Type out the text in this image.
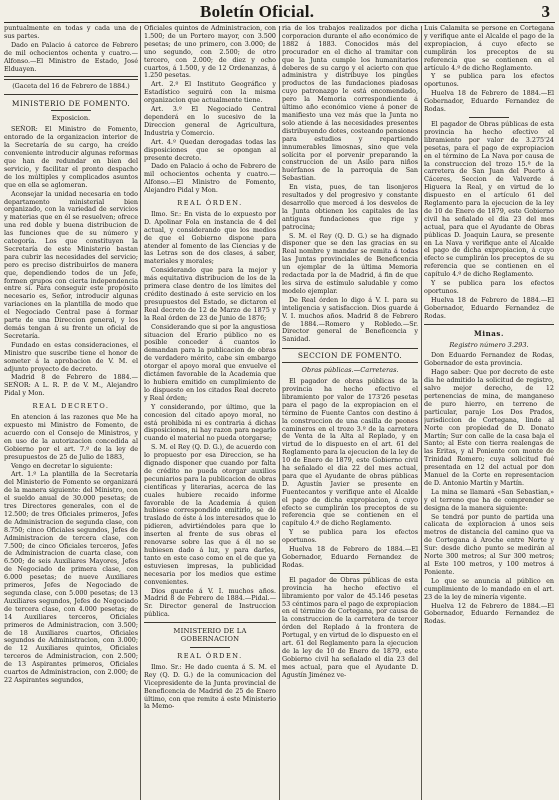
Boletín Oficial.	3

puntualmente en todas y cada una de sus partes.

Dado en Palacio á catorce de Febrero de mil ochocientos ochenta y cuatro.—Alfonso.—El Ministro de Estado, José Elduayen.

(Gaceta del 16 de Febrero de 1884.)

MINISTERIO DE FOMENTO.
Exposicion.

SEÑOR: El Ministro de Fomento, entorado de la organizacion interior de la Secretaría de su cargo, ha creído conveniente introducir algunas reformas que han de redundar en bien del servicio, y facilitar el pronto despacho de los múltiples y complicados asuntos que en ella se aglomeran.

Aconsejar la unidad necesaria en todo departamento ministerial bien organizado, con la variedad de servicios y materias que en él se resuelven; ofrece una red doble y buena distribucion de las funciones que de su número y categoría. Los que constituyen la Secretaría de este Ministerio bastan para cubrir las necesidades del servicio; pero es preciso distribuirlos de manera que, dependiendo todos de un Jefe, formen grupos con cierta independencia entre sí. Para conseguir este propósito necesario es, Señor, introducir algunas variaciones en la plantilla de modo que el Negociado Central pase á formar parte de una Direccion general, y los demás tengan á su frente un oficial de Secretaría.

Fundado en estas consideraciones, el Ministro que suscribe tiene el honor de someter á la aprobacion de V. M. el adjunto proyecto de decreto.

Madrid 8 de Febrero de 1884.—SEÑOR: A L. R. P. de V. M., Alejandro Pidal y Mon.

REAL DECRETO.

En atencion á las razones que Me ha expuesto mi Ministro de Fomento, de acuerdo con el Consejo de Ministros, y en uso de la autorizacion concedida al Gobierno por el art. 7.º de la ley de presupuestos de 25 de Julio de 1883,

Vengo en decretar lo siguiente:

Art. 1.º La plantilla de la Secretaría del Ministerio de Fomento se organizará de la manera siguiente: del Ministro, con el sueldo anual de 30.000 pesetas; de tres Directores generales, con el de 12.500; de tres Oficiales primeros, Jefes de Administracion de segunda clase, con 8.750; cinco Oficiales segundos, Jefes de Administracion de tercera clase, con 7.500; de cinco Oficiales terceros, Jefes de Administracion de cuarta clase, con 6.500; de seis Auxiliares Mayores, Jefes de Negociado de primera clase, con 6.000 pesetas; de nueve Auxiliares primeros, Jefes de Negociado de segunda clase, con 5.000 pesetas; de 13 Auxiliares segundos, Jefes de Negociado de tercera clase, con 4.000 pesetas; de 14 Auxiliares terceros, Oficiales primeros de Administracion, con 3.500; de 18 Auxiliares cuartos, Oficiales segundos de Administracion, con 3.000; de 12 Auxiliares quintos, Oficiales terceros de Administracion, con 2.500; de 13 Aspirantes primeros, Oficiales cuartos de Administracion, con 2.000; de 22 Aspirantes segundos,

Oficiales quintos de Administracion, con 1.500; de un Portero mayor, con 3.500 pesetas; de uno primero, con 3.000; de uno segundo, con 2.500; de otro tercero, con 2.000; de diez y ocho cuartos, á 1.500, y de 12 Ordenanzas, á 1.250 pesetas.

Art. 2.º El Instituto Geográfico y Estadístico seguirá con la misma organizacion que actualmente tiene.

Art. 3.º El Negociado Central dependerá en lo sucesivo de la Direccion general de Agricultura, Industria y Comercio.

Art. 4.º Quedan derogadas todas las disposiciones que se opongan al presente decreto.

Dado en Palacio á ocho de Febrero de mil ochocientos ochenta y cuatro.—Alfonso.—El Ministro de Fomento, Alejandro Pidal y Mon.

REAL ÓRDEN.

Ilmo. Sr.: En vista de lo expuesto por D. Apolinar Fola en instancia de 4 del actual, y considerando que los medios de que el Gobierno dispone para atender al fomento de las Ciencias y de las Letras son de dos clases, á saber, materiales y morales;

Considerando que para la mejor y más equitativa distribucion de los de la primera clase dentro de los límites del crédito destinado á este servicio en los presupuestos del Estado, se dictaron el Real decreto de 12 de Marzo de 1875 y la Real órden de 23 de Junio de 1876;

Considerando que si por la angustiosa situacion del Erario público no es posible conceder á cuantos lo demandan para la publicacion de obras de verdadero mérito, cabe sin embargo otorgar el apoyo moral que envuelve el dictámen favorable de la Academia que lo hubiera emitido en cumplimiento de lo dispuesto en los citados Real decreto y Real órden;

Y considerando, por último, que la concesion del citado apoyo moral, no está prohibida ni es contraria á dichas disposiciones, ni hay razon para negarlo cuando el material no pueda otorgarse;

S. M. el Rey (Q. D. G.), de acuerdo con lo propuesto por esa Direccion, se ha dignado disponer que cuando por falta de crédito no pueda otorgar auxilios pecuniarios para la publicacion de obras científicas y literarias, acerca de las cuales hubiere recaido informe favorable de la Academia á quien hubiese correspondido emitirlo, se dé traslado de éste á los interesados que lo pidieren, advirtiéndoles para que lo inserten al frente de sus obras el renovarse sobre las que á él no se hubiesen dado á luz, y para darles, tanto en este caso como en el de que ya estuviesen impresas, la publicidad necesaria por los medios que estime convenientes.

Dios guarde á V. I. muchos años. Madrid 8 de Febrero de 1884.—Pidal.—Sr. Director general de Instruccion pública.

MINISTERIO DE LA GOBERNACION
REAL ÓRDEN.

Ilmo. Sr.: He dado cuenta á S. M. el Rey (Q. D. G.) de la comunicacion del Vicepresidente de la Junta provincial de Beneficencia de Madrid de 25 de Enero último, con que remite á este Ministerio la Memo-

ria de los trabajos realizados por dicha corporacion durante el año económico de 1882 á 1883. Conocidos más del procurador en el dicho al tramitar con que la Junta cumple los humanitarios deberes de su cargo y el acierto con que administra y distribuye los pingües productos de las fundaciones piadosas cuyo patronazgo le está encomendado, pero la Memoria correspondiente á último año económico viene á poner de manifiesto una vez más que la Junta no solo atiende á las necesidades presentes distribuyendo dotes, costeando pensiones para estudios y repartiendo innumerables limosnas, sino que vela solícita por el porvenir preparando la construccion de un Asilo para niños huérfanos de la parroquia de San Sebastian.

En vista, pues, de tan lisonjeros resultados y del progresivo y constante desarrollo que merced á los desvelos de la Junta obtienen los capitales de las antiguas fundaciones que rige y patrocina;

S. M. el Rey (Q. D. G.) se ha dignado disponer que se den las gracias en su Real nombre y mandar se remita á todas las Juntas provinciales de Beneficencia un ejemplar de la última Memoria redactada por la de Madrid, á fin de que les sirva de estímulo saludable y como modelo ejemplar.

De Real órden lo digo á V. I. para su inteligencia y satisfaccion. Dios guarde á V. I. muchos años. Madrid 8 de Febrero de 1884.—Romero y Robledo.—Sr. Director general de Beneficencia y Sanidad.

SECCION DE FOMENTO.
Obras públicas.—Carreteras.

El pagador de obras públicas de la provincia ha hecho efectivo el libramiento por valor de 173'26 pesetas para el pago de la expropiacion en el término de Fuente Cantos con destino á la construccion de una casilla de peones camineros en el trozo 3.º de la carretera de Venta de la Alta al Replado, y en virtud de lo dispuesto en el art. 61 del Reglamento para la ejecucion de la ley de 10 de Enero de 1879, este Gobierno civil ha señalado el dia 22 del mes actual, para que el Ayudante de obras públicas D. Agustín Javier se presente en Fuentecantos y verifique ante el Alcalde el pago de dicha expropiacion, á cuyo efecto se cumplirán los preceptos de su referencia que se contienen en el capítulo 4.º de dicho Reglamento.

Y se publica para los efectos oportunos.

Huelva 18 de Febrero de 1884.—El Gobernador, Eduardo Fernandez de Rodas.

El pagador de Obras públicas de esta provincia ha hecho efectivo el libramiento por valor de 45.146 pesetas 53 céntimos para el pago de expropiacion en el término de Cortegana, por causa de la construccion de la carretera de tercer órden del Replado á la frontera de Portugal, y en virtud de lo dispuesto en el art. 61 del Reglamento para la ejecucion de la ley de 10 de Enero de 1879, este Gobierno civil ha señalado el dia 23 del mes actual, para que el Ayudante D. Agustín Jiménez ve-

Luis Calamita se persone en Cortegana y verifique ante el Alcalde el pago de la expropiacion, á cuyo efecto se cumplirán los preceptos de su referencia que se contienen en el artículo 4.º de dicho Reglamento.

Y se publica para los efectos oportunos.

Huelva 18 de Febrero de 1884.—El Gobernador, Eduardo Fernandez de Rodas.

El pagador de Obras públicas de esta provincia ha hecho efectivo el libramiento por valor de 3.275'24 pesetas, para el pago de expropiacion en el término de La Nava por causa de la construccion del trozo 15.º de la carretera de San Juan del Puerto á Cáceres, Seccion de Valverde á Higuera la Real, y en virtud de lo dispuesto en el artículo 61 del Reglamento para la ejecucion de la ley de 10 de Enero de 1879, este Gobierno civil ha señalado el dia 23 del mes actual, para que el Ayudante de Obras públicas D. Joaquin Laura, se presente en La Nava y verifique ante el Alcalde el pago de dicha expropiacion, á cuyo efecto se cumplirán los preceptos de su referencia que se contienen en el capítulo 4.º de dicho Reglamento.

Y se publica para los efectos oportunos.

Huelva 18 de Febrero de 1884.—El Gobernador, Eduardo Fernandez de Rodas.

Minas.
Registro número 3.293.

Don Eduardo Fernandez de Rodas, Gobernador de esta provincia.

Hago saber: Que por decreto de este dia he admitido la solicitud de registro, salvo mejor derecho, de 12 pertenencias de mina, de manganeso de puro hierro, en terreno de particular, paraje Los Dos Prados, jurisdiccion de Cortegana, linde al Norte con propiedad de D. Donato Martín; Sur con calle de la casa baja el Santo; al Este con tierra realengas de las Eritas, y al Poniente con monte de Trinidad Romero; cuya solicitud fué presentada en 12 del actual por don Manuel de la Corte en representacion de D. Antonio Martín y Martín.

La mina se llamará «San Sebastian,» y el terreno que ha de comprender se designa de la manera siguiente:

Se tendrá por punto de partida una calicata de exploracion á unos seis metros de distancia del camino que va de Cortegana á Aroche entre Norte y Sur: desde dicho punto se medirán al Norte 300 metros; al Sur 300 metros; al Este 100 metros, y 100 metros á Poniente.

Lo que se anuncia al público en cumplimiento de lo mandado en el art. 23 de la ley de minería vigente.

Huelva 12 de Febrero de 1884.—El Gobernador, Eduardo Fernandez de Rodas.
